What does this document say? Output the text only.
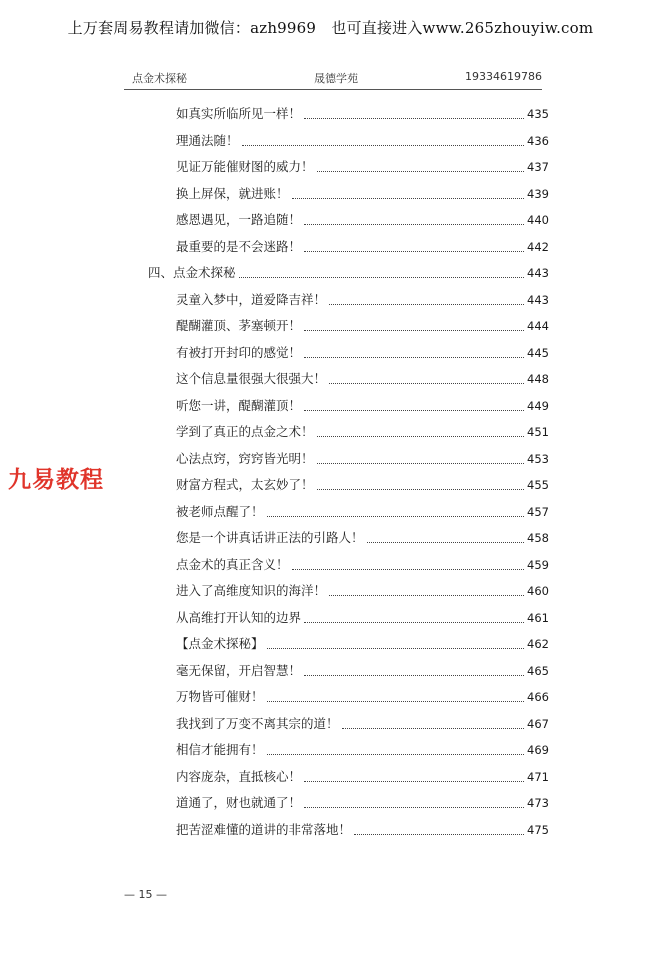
上万套周易教程请加微信：azh9969　也可直接进入www.265zhouyiw.com
点金术探秘	晟德学苑	19334619786
如真实所临所见一样！	435
理通法随！	436
见证万能催财图的威力！	437
换上屏保，就进账！	439
感恩遇见，一路追随！	440
最重要的是不会迷路！	442
四、点金术探秘	443
灵童入梦中，道爱降吉祥！	443
醍醐灌顶、茅塞顿开！	444
有被打开封印的感觉！	445
这个信息量很强大很强大！	448
听您一讲，醍醐灌顶！	449
学到了真正的点金之术！	451
心法点窍，窍窍皆光明！	453
财富方程式，太玄妙了！	455
被老师点醒了！	457
您是一个讲真话讲正法的引路人！	458
点金术的真正含义！	459
进入了高维度知识的海洋！	460
从高维打开认知的边界	461
【点金术探秘】	462
毫无保留，开启智慧！	465
万物皆可催财！	466
我找到了万变不离其宗的道！	467
相信才能拥有！	469
内容庞杂，直抵核心！	471
道通了，财也就通了！	473
把苦涩难懂的道讲的非常落地！	475
九易教程
— 15 —
